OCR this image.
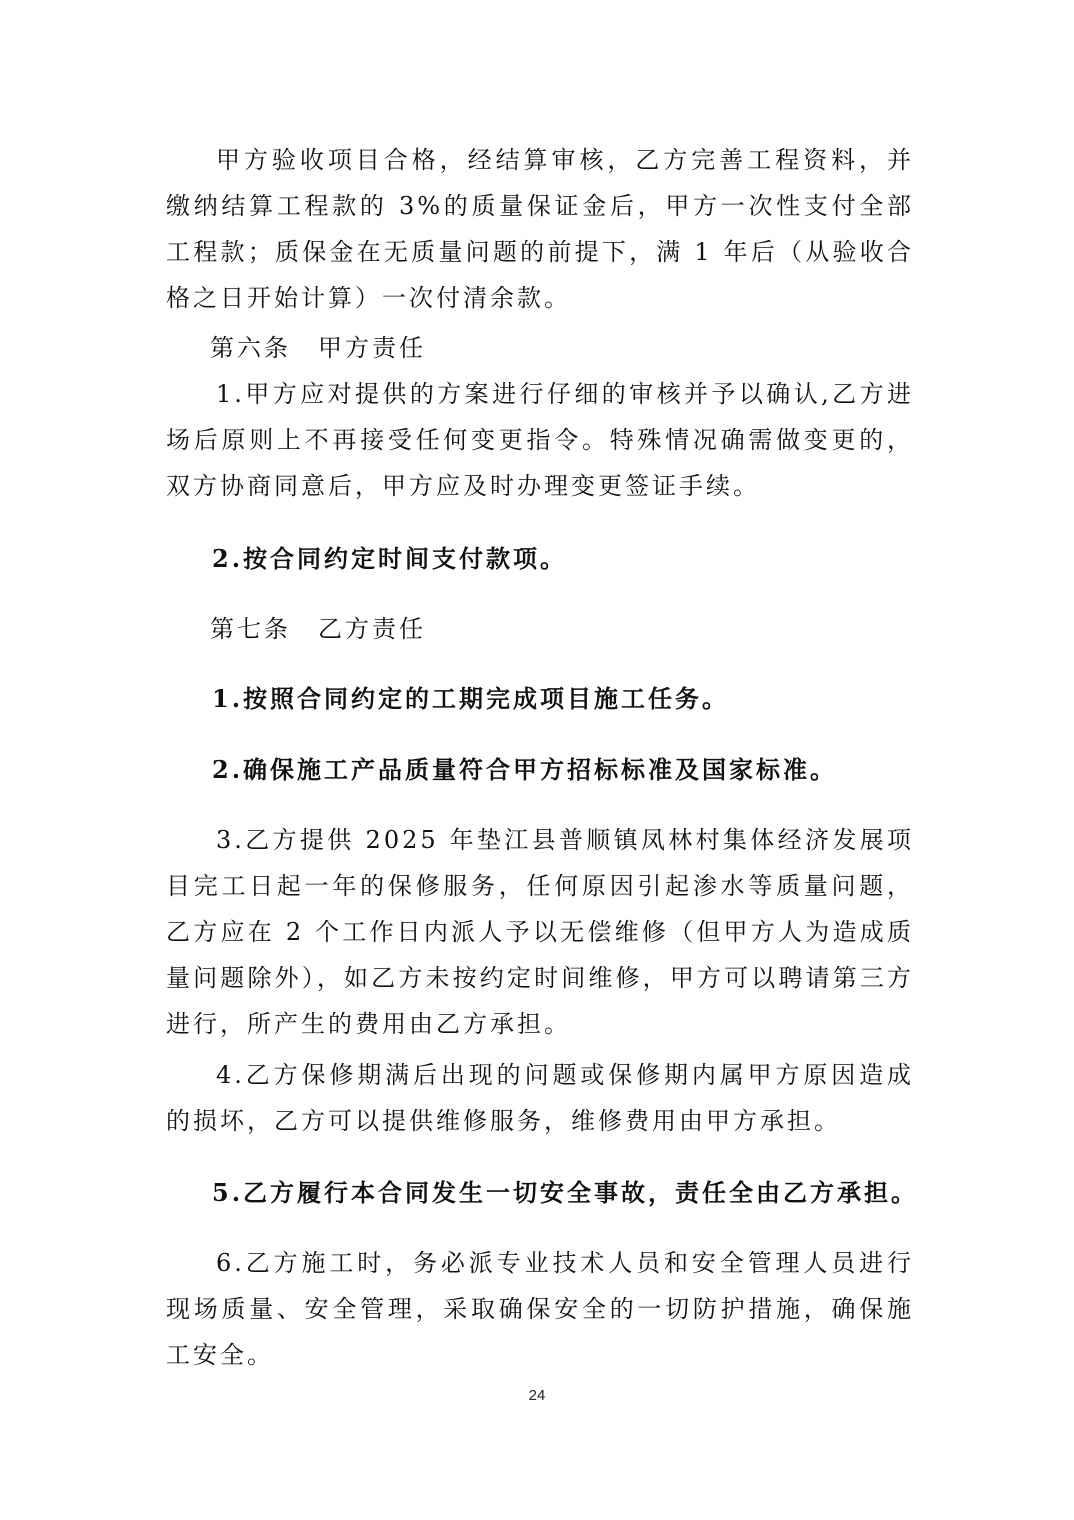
甲方验收项目合格，经结算审核，乙方完善工程资料，并缴纳结算工程款的 3%的质量保证金后，甲方一次性支付全部工程款；质保金在无质量问题的前提下，满 1 年后（从验收合格之日开始计算）一次付清余款。

第六条　甲方责任

1.甲方应对提供的方案进行仔细的审核并予以确认,乙方进场后原则上不再接受任何变更指令。特殊情况确需做变更的，双方协商同意后，甲方应及时办理变更签证手续。

2.按合同约定时间支付款项。
第七条　乙方责任
1.按照合同约定的工期完成项目施工任务。
2.确保施工产品质量符合甲方招标标准及国家标准。

3.乙方提供 2025 年垫江县普顺镇凤林村集体经济发展项目完工日起一年的保修服务，任何原因引起渗水等质量问题，乙方应在 2 个工作日内派人予以无偿维修（但甲方人为造成质量问题除外），如乙方未按约定时间维修，甲方可以聘请第三方进行，所产生的费用由乙方承担。

4.乙方保修期满后出现的问题或保修期内属甲方原因造成的损坏，乙方可以提供维修服务，维修费用由甲方承担。

5.乙方履行本合同发生一切安全事故，责任全由乙方承担。

6.乙方施工时，务必派专业技术人员和安全管理人员进行现场质量、安全管理，采取确保安全的一切防护措施，确保施工安全。

24
